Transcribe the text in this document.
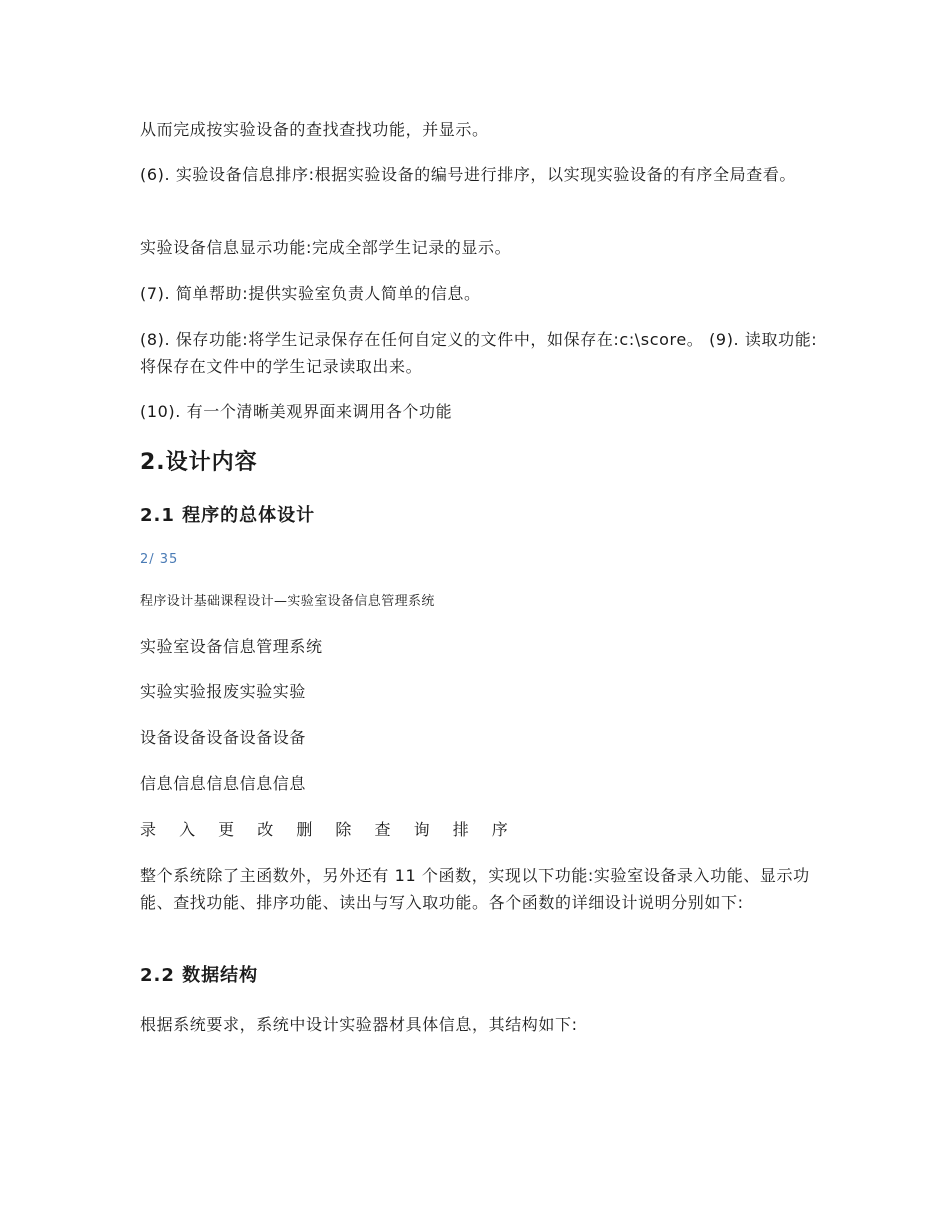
从而完成按实验设备的查找查找功能，并显示。

(6). 实验设备信息排序:根据实验设备的编号进行排序，以实现实验设备的有序全局查看。

实验设备信息显示功能:完成全部学生记录的显示。

(7). 简单帮助:提供实验室负责人简单的信息。

(8). 保存功能:将学生记录保存在任何自定义的文件中，如保存在:c:\score。 (9). 读取功能:将保存在文件中的学生记录读取出来。

(10). 有一个清晰美观界面来调用各个功能

2.设计内容
2.1 程序的总体设计

2/ 35

程序设计基础课程设计—实验室设备信息管理系统

实验室设备信息管理系统

实验实验报废实验实验

设备设备设备设备设备

信息信息信息信息信息

录 入 更 改 删 除 查 询 排 序

整个系统除了主函数外，另外还有 11 个函数，实现以下功能:实验室设备录入功能、显示功能、查找功能、排序功能、读出与写入取功能。各个函数的详细设计说明分别如下:

2.2 数据结构

根据系统要求，系统中设计实验器材具体信息，其结构如下:
